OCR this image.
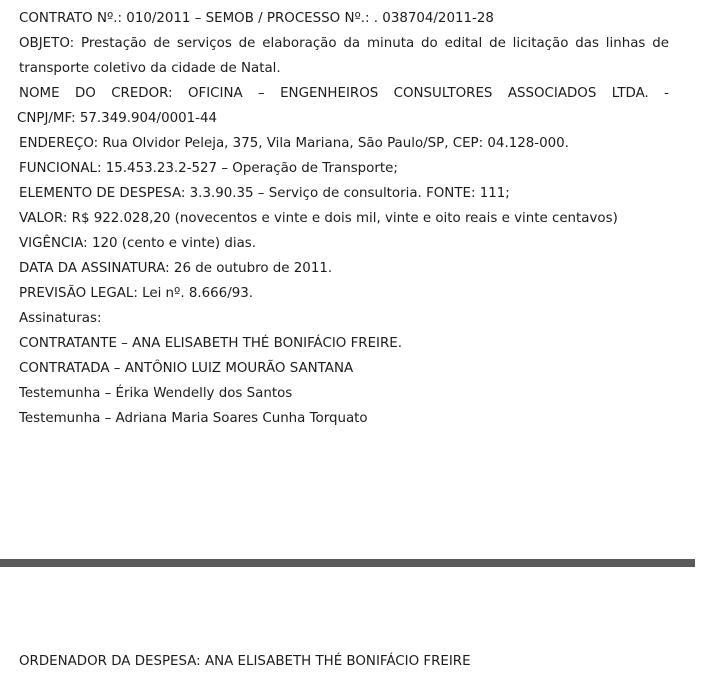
CONTRATO Nº.: 010/2011 – SEMOB / PROCESSO Nº.: . 038704/2011-28
OBJETO: Prestação de serviços de elaboração da minuta do edital de licitação das linhas de
transporte coletivo da cidade de Natal.
NOME DO CREDOR: OFICINA – ENGENHEIROS CONSULTORES ASSOCIADOS LTDA. -
CNPJ/MF: 57.349.904/0001-44
ENDEREÇO: Rua Olvidor Peleja, 375, Vila Mariana, São Paulo/SP, CEP: 04.128-000.
FUNCIONAL: 15.453.23.2-527 – Operação de Transporte;
ELEMENTO DE DESPESA: 3.3.90.35 – Serviço de consultoria. FONTE: 111;
VALOR: R$ 922.028,20 (novecentos e vinte e dois mil, vinte e oito reais e vinte centavos)
VIGÊNCIA: 120 (cento e vinte) dias.
DATA DA ASSINATURA: 26 de outubro de 2011.
PREVISÃO LEGAL: Lei nº. 8.666/93.
Assinaturas:
CONTRATANTE – ANA ELISABETH THÉ BONIFÁCIO FREIRE.
CONTRATADA – ANTÔNIO LUIZ MOURÃO SANTANA
Testemunha – Érika Wendelly dos Santos
Testemunha – Adriana Maria Soares Cunha Torquato
ORDENADOR DA DESPESA: ANA ELISABETH THÉ BONIFÁCIO FREIRE
